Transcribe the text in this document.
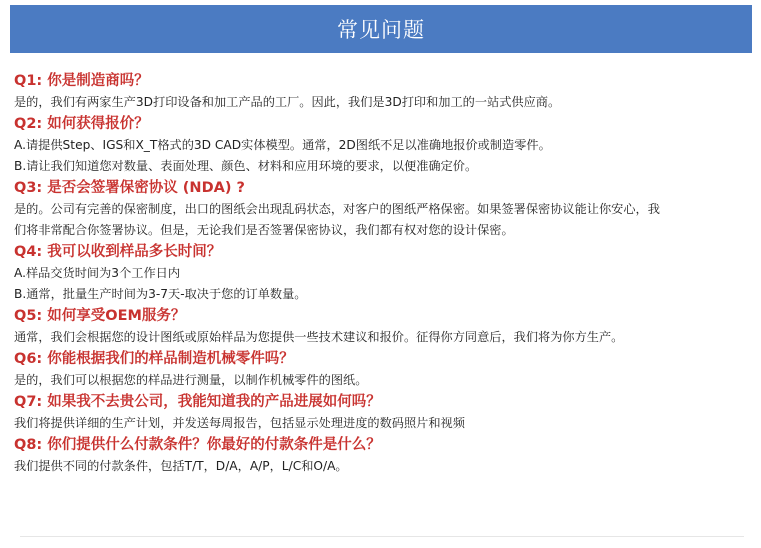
常见问题
Q1: 你是制造商吗？
是的，我们有两家生产3D打印设备和加工产品的工厂。因此，我们是3D打印和加工的一站式供应商。
Q2: 如何获得报价？
A.请提供Step、IGS和X_T格式的3D CAD实体模型。通常，2D图纸不足以准确地报价或制造零件。
B.请让我们知道您对数量、表面处理、颜色、材料和应用环境的要求，以便准确定价。
Q3: 是否会签署保密协议 (NDA) ?
是的。公司有完善的保密制度，出口的图纸会出现乱码状态，对客户的图纸严格保密。如果签署保密协议能让你安心，我
们将非常配合你签署协议。但是，无论我们是否签署保密协议，我们都有权对您的设计保密。
Q4: 我可以收到样品多长时间？
A.样品交货时间为3个工作日内
B.通常，批量生产时间为3-7天-取决于您的订单数量。
Q5: 如何享受OEM服务？
通常，我们会根据您的设计图纸或原始样品为您提供一些技术建议和报价。征得你方同意后，我们将为你方生产。
Q6: 你能根据我们的样品制造机械零件吗？
是的，我们可以根据您的样品进行测量，以制作机械零件的图纸。
Q7: 如果我不去贵公司，我能知道我的产品进展如何吗？
我们将提供详细的生产计划，并发送每周报告，包括显示处理进度的数码照片和视频
Q8: 你们提供什么付款条件？你最好的付款条件是什么？
我们提供不同的付款条件，包括T/T，D/A，A/P，L/C和O/A。
